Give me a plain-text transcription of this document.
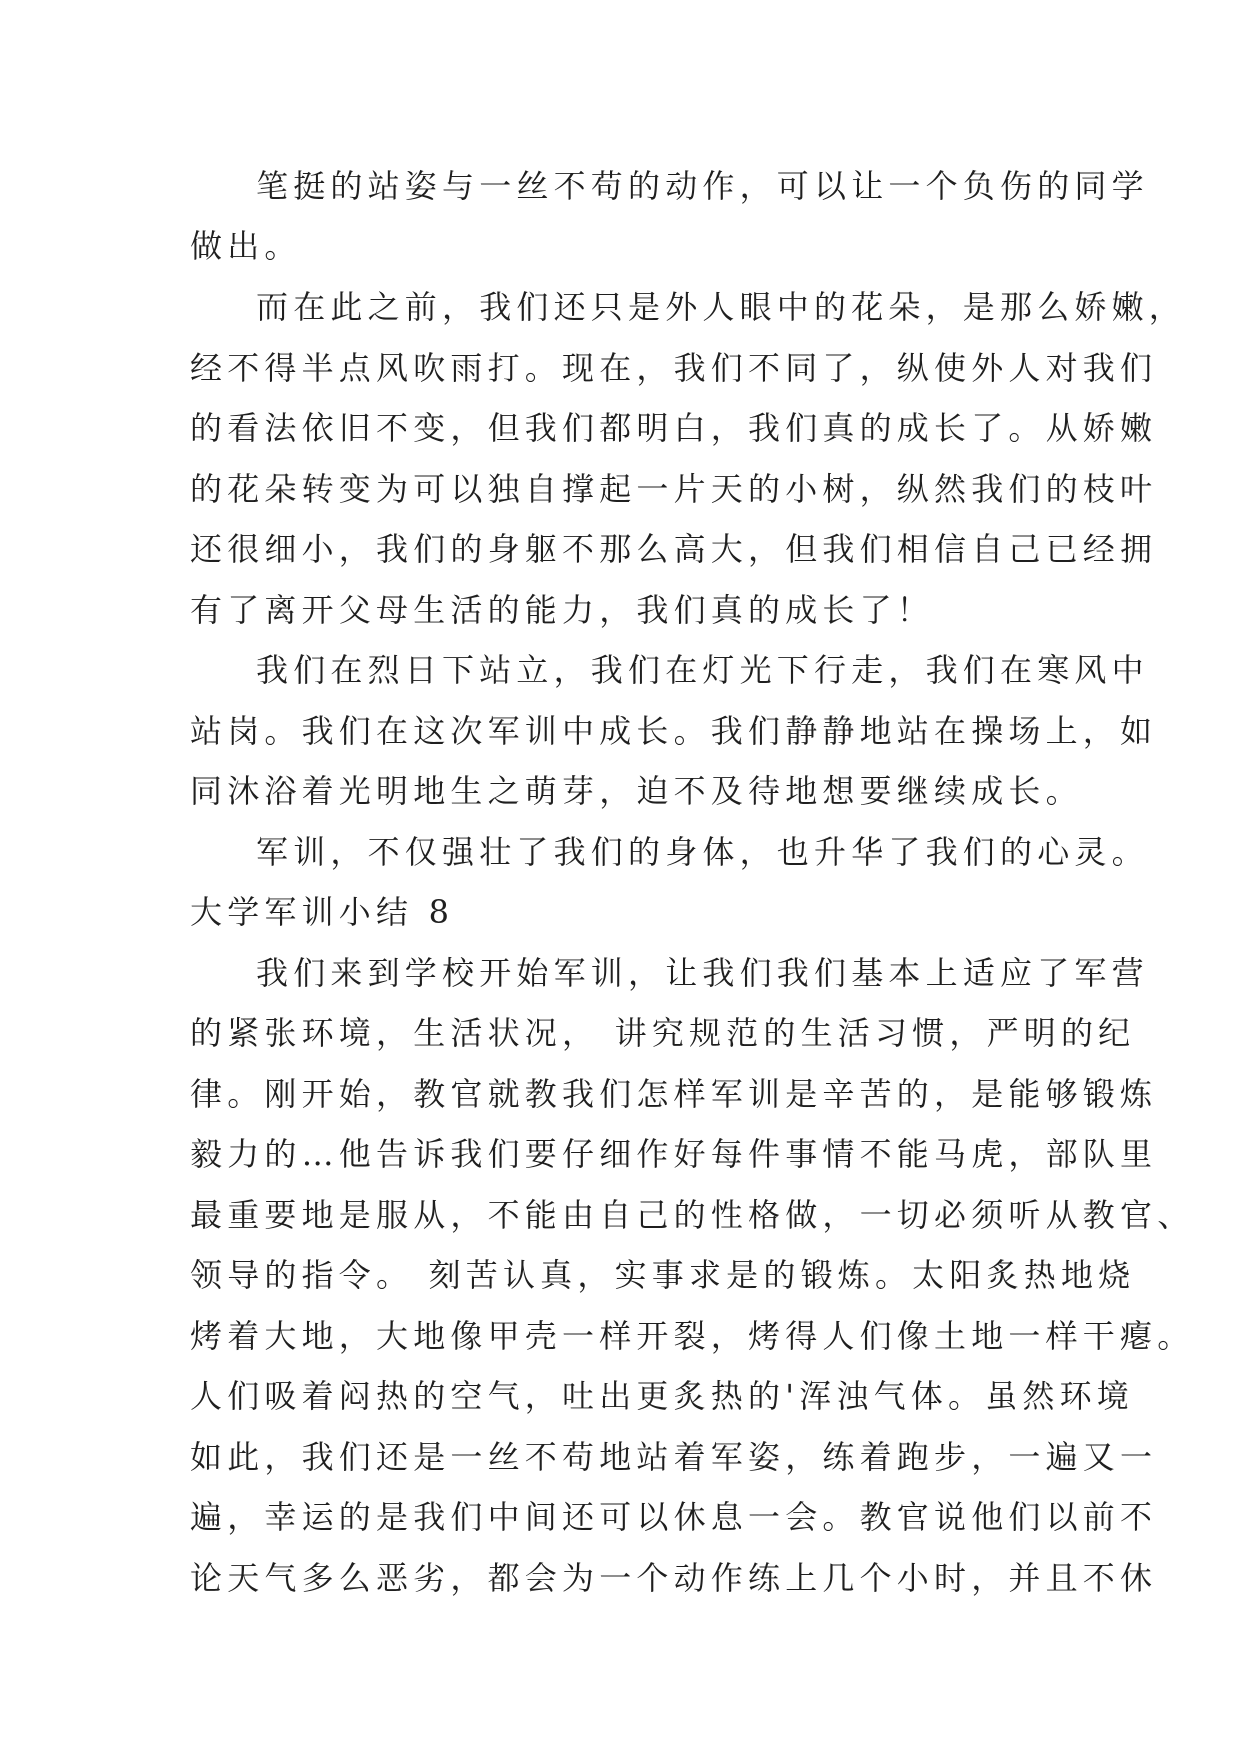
笔挺的站姿与一丝不苟的动作，可以让一个负伤的同学
做出。
而在此之前，我们还只是外人眼中的花朵，是那么娇嫩，
经不得半点风吹雨打。现在，我们不同了，纵使外人对我们
的看法依旧不变，但我们都明白，我们真的成长了。从娇嫩
的花朵转变为可以独自撑起一片天的小树，纵然我们的枝叶
还很细小，我们的身躯不那么高大，但我们相信自己已经拥
有了离开父母生活的能力，我们真的成长了！
我们在烈日下站立，我们在灯光下行走，我们在寒风中
站岗。我们在这次军训中成长。我们静静地站在操场上，如
同沐浴着光明地生之萌芽，迫不及待地想要继续成长。
军训，不仅强壮了我们的身体，也升华了我们的心灵。
大学军训小结 8
我们来到学校开始军训，让我们我们基本上适应了军营
的紧张环境，生活状况， 讲究规范的生活习惯，严明的纪
律。刚开始，教官就教我们怎样军训是辛苦的，是能够锻炼
毅力的…他告诉我们要仔细作好每件事情不能马虎，部队里
最重要地是服从，不能由自己的性格做，一切必须听从教官、
领导的指令。 刻苦认真，实事求是的锻炼。太阳炙热地烧
烤着大地，大地像甲壳一样开裂，烤得人们像土地一样干瘪。
人们吸着闷热的空气，吐出更炙热的'浑浊气体。虽然环境
如此，我们还是一丝不苟地站着军姿，练着跑步，一遍又一
遍，幸运的是我们中间还可以休息一会。教官说他们以前不
论天气多么恶劣，都会为一个动作练上几个小时，并且不休
